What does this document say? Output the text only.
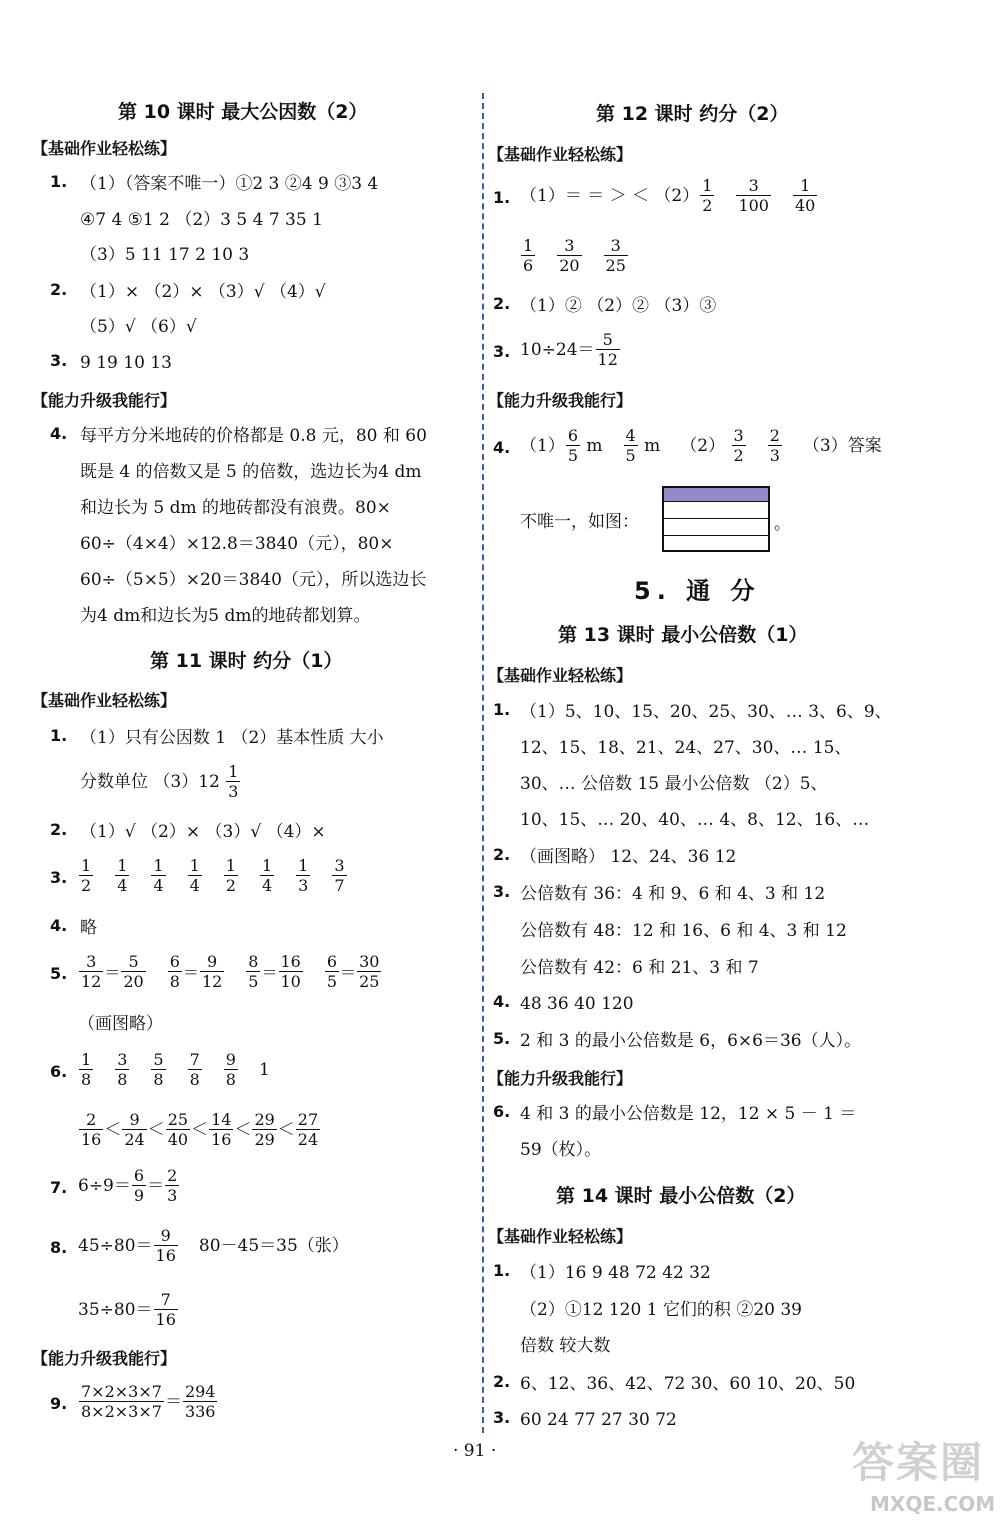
第 10 课时 最大公因数（2）
【基础作业轻松练】
1. （1）（答案不唯一）①2 3 ②4 9 ③3 4
④7 4 ⑤1 2 （2）3 5 4 7 35 1
（3）5 11 17 2 10 3
2. （1）× （2）× （3）√ （4）√
（5）√ （6）√
3. 9 19 10 13
【能力升级我能行】
4. 每平方分米地砖的价格都是 0.8 元，80 和 60
既是 4 的倍数又是 5 的倍数，选边长为4 dm
和边长为 5 dm 的地砖都没有浪费。80×
60÷（4×4）×12.8＝3840（元），80×
60÷（5×5）×20＝3840（元），所以选边长
为4 dm和边长为5 dm的地砖都划算。
第 11 课时 约分（1）
【基础作业轻松练】
1. （1）只有公因数 1 （2）基本性质 大小
分数单位 （3）12
$\frac{1}{3}$
2. （1）√ （2）× （3）√ （4）×
3. $\frac{1}{2} \frac{1}{4} \frac{1}{4} \frac{1}{4} \frac{1}{2} \frac{1}{4} \frac{1}{3} \frac{3}{7}$
4. 略
5. $\frac{3}{12} = \frac{5}{20} \frac{6}{8} = \frac{9}{12} \frac{8}{5} = \frac{16}{10} \frac{6}{5} = \frac{30}{25}$
（画图略）
6. $\frac{1}{8} \frac{3}{8} \frac{5}{8} \frac{7}{8} \frac{9}{8} 1$
$\frac{2}{16} < \frac{9}{24} < \frac{25}{40} < \frac{14}{16} < \frac{29}{29} < \frac{27}{24}$
7. $6\div 9= \frac{6}{9} = \frac{2}{3}$
8. $45\div 80= \frac{9}{16} 80-45=35$（张）
$35\div 80= \frac{7}{16}$
【能力升级我能行】
9. $\frac{7\times 2\times 3\times 7}{8\times 2\times 3\times 7} = \frac{294}{336}$
第 12 课时 约分（2）
【基础作业轻松练】
1. （1）＝ ＝ ＞ ＜ $(2) \frac{1}{2} \frac{3}{100} \frac{1}{40}$
$\frac{1}{6} \frac{3}{20} \frac{3}{25}$
2. （1）② （2）② （3）③
3. $10\div 24= \frac{5}{12}$
【能力升级我能行】
4. $(1) \frac{6}{5}$
m $\frac{4}{5}$
m （2）
$\frac{3}{2} \frac{2}{3} (3)$答案
不唯一，如图：	。
5. 通 分
第 13 课时 最小公倍数（1）
【基础作业轻松练】
1. （1）5、10、15、20、25、30、… 3、6、9、
12、15、18、21、24、27、30、… 15、
30、… 公倍数 15 最小公倍数 （2）5、
10、15、… 20、40、… 4、8、12、16、…
2. （画图略） 12、24、36 12
3. 公倍数有 36：4 和 9、6 和 4、3 和 12
公倍数有 48：12 和 16、6 和 4、3 和 12
公倍数有 42：6 和 21、3 和 7
4. 48 36 40 120
5. 2 和 3 的最小公倍数是 6，6×6＝36（人）。
【能力升级我能行】
6. 4 和 3 的最小公倍数是 12，12 × 5 － 1 ＝
59（枚）。
第 14 课时 最小公倍数（2）
【基础作业轻松练】
1. （1）16 9 48 72 42 32
（2）①12 120 1 它们的积 ②20 39
倍数 较大数
2. 6、12、36、42、72 30、60 10、20、50
3. 60 24 77 27 30 72
· 91 ·	答案圈
MXQE.COM
